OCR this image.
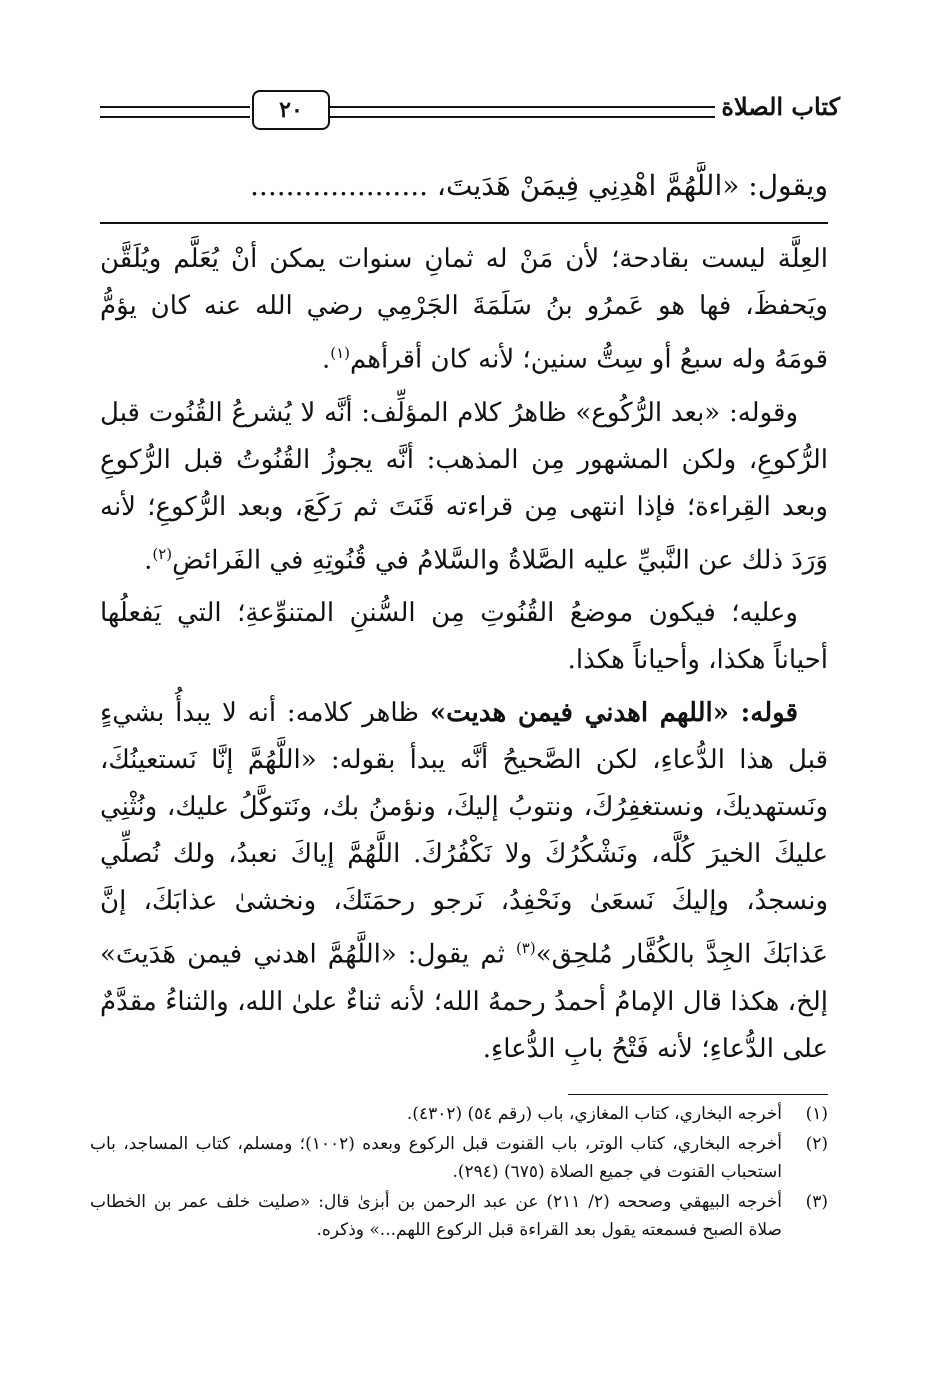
كتاب الصلاة
٢٠
ويقول: «اللَّهُمَّ اهْدِنِي فِيمَنْ هَدَيتَ، ....................

العِلَّة ليست بقادحة؛ لأن مَنْ له ثمانِ سنوات يمكن أنْ يُعَلَّم ويُلَقَّن ويَحفظَ، فها هو عَمرُو بنُ سَلَمَةَ الجَرْمِي رضي الله عنه كان يؤمُّ قومَهُ وله سبعُ أو سِتُّ سنين؛ لأنه كان أقرأهم$^{(١)}$.

وقوله: «بعد الرُّكُوع» ظاهرُ كلام المؤلِّف: أنَّه لا يُشرعُ القُنُوت قبل الرُّكوعِ، ولكن المشهور مِن المذهب: أنَّه يجوزُ القُنُوتُ قبل الرُّكوعِ وبعد القِراءة؛ فإذا انتهى مِن قراءته قَنَتَ ثم رَكَعَ، وبعد الرُّكوعِ؛ لأنه وَرَدَ ذلك عن النَّبيِّ عليه الصَّلاةُ والسَّلامُ في قُنُوتِهِ في الفَرائضِ$^{(٢)}$.

وعليه؛ فيكون موضعُ القُنُوتِ مِن السُّننِ المتنوِّعةِ؛ التي يَفعلُها أحياناً هكذا، وأحياناً هكذا.

قوله: «اللهم اهدني فيمن هديت» ظاهر كلامه: أنه لا يبدأُ بشيءٍ قبل هذا الدُّعاءِ، لكن الصَّحيحُ أنَّه يبدأ بقوله: «اللَّهُمَّ إنَّا نَستعينُكَ، ونَستهديكَ، ونستغفِرُكَ، ونتوبُ إليكَ، ونؤمنُ بك، ونَتوكَّلُ عليك، ونُثْنِي عليكَ الخيرَ كُلَّه، ونَشْكُرُكَ ولا نَكْفُرُكَ. اللَّهُمَّ إياكَ نعبدُ، ولك نُصلِّي ونسجدُ، وإليكَ نَسعَىٰ ونَحْفِدُ، نَرجو رحمَتَكَ، ونخشىٰ عذابَكَ، إنَّ عَذابَكَ الجِدَّ بالكُفَّار مُلحِق»$^{(٣)}$ ثم يقول: «اللَّهُمَّ اهدني فيمن هَدَيتَ» إلخ، هكذا قال الإمامُ أحمدُ رحمهُ الله؛ لأنه ثناءٌ علىٰ الله، والثناءُ مقدَّمٌ على الدُّعاءِ؛ لأنه فَتْحُ بابِ الدُّعاءِ.

(١)
أخرجه البخاري، كتاب المغازي، باب (رقم ٥٤) (٤٣٠٢).
(٢)
أخرجه البخاري، كتاب الوتر، باب القنوت قبل الركوع وبعده (١٠٠٢)؛ ومسلم، كتاب المساجد، باب استحباب القنوت في جميع الصلاة (٦٧٥) (٢٩٤).
(٣)
أخرجه البيهقي وصححه (٢/ ٢١١) عن عبد الرحمن بن أبزىٰ قال: «صليت خلف عمر بن الخطاب صلاة الصبح فسمعته يقول بعد القراءة قبل الركوع اللهم...» وذكره.
